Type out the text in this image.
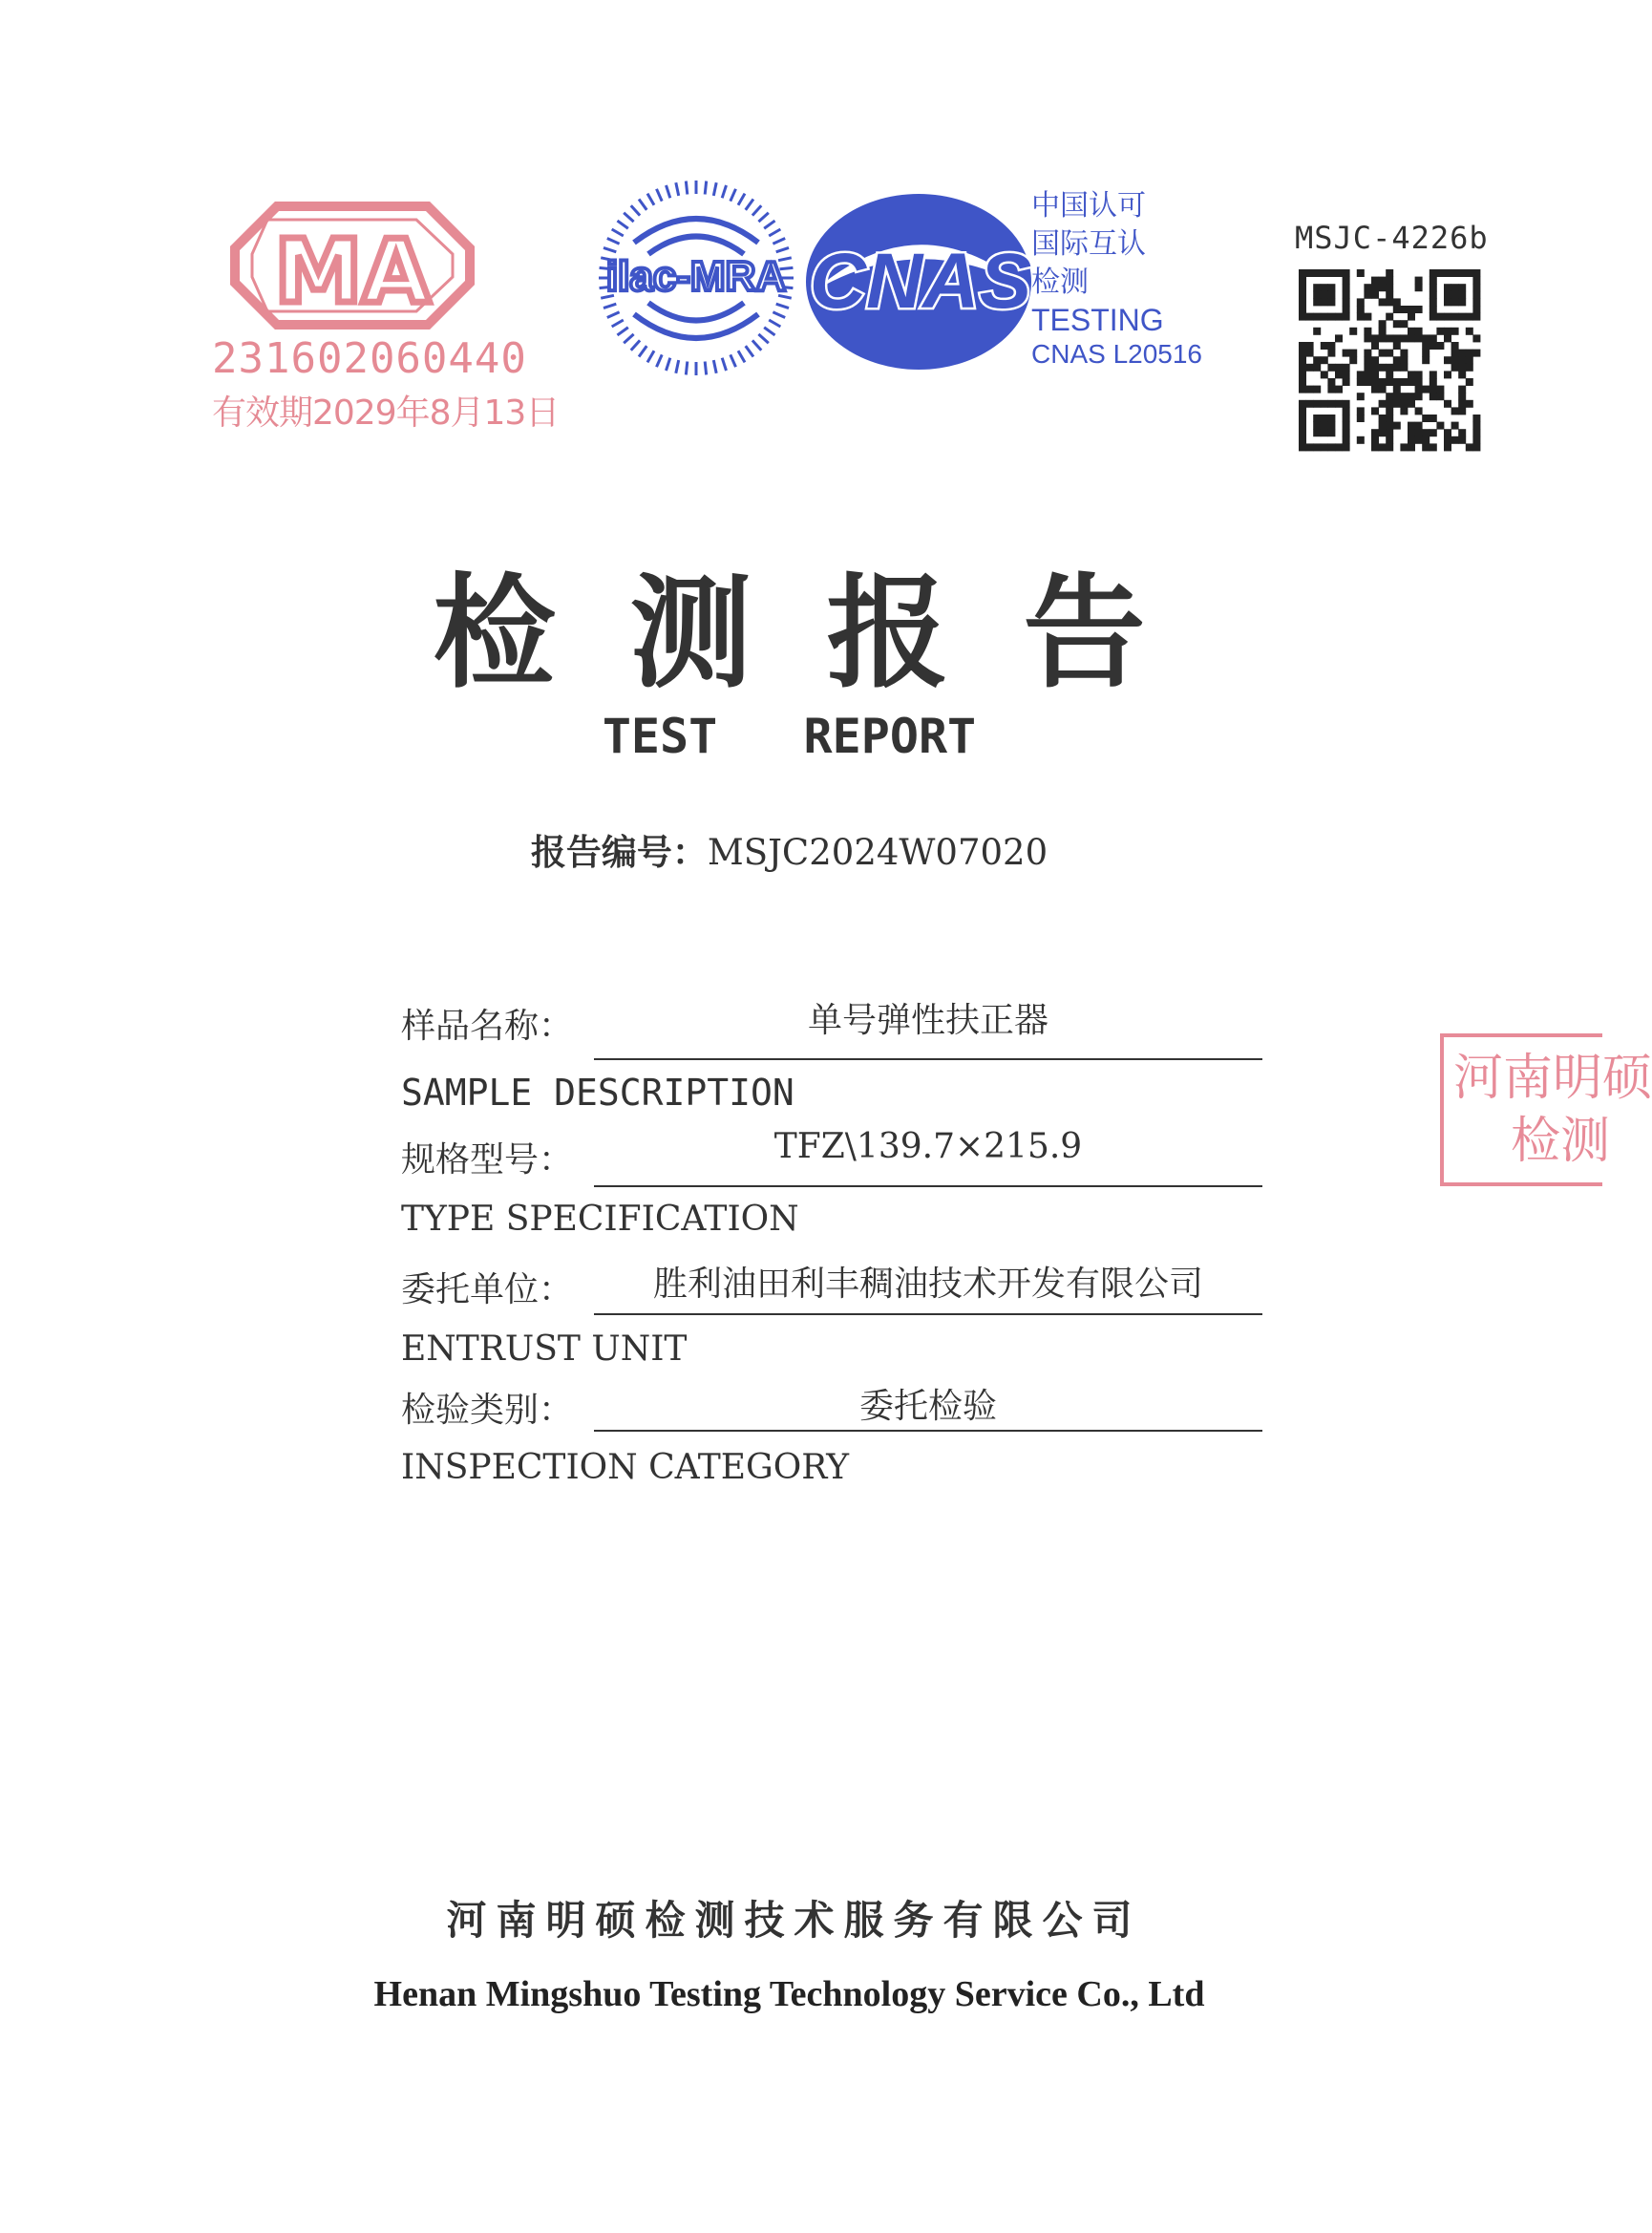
MA
231602060440
有效期2029年8月13日
ilac-MRA CNAS
中国认可
国际互认
检测
TESTING
CNAS L20516
MSJC-4226b
检测报告
TEST   REPORT
报告编号：MSJC2024W07020
样品名称：	单号弹性扶正器
SAMPLE DESCRIPTION
规格型号：	TFZ\139.7×215.9
TYPE SPECIFICATION
委托单位：	胜利油田利丰稠油技术开发有限公司
ENTRUST UNIT
检验类别：	委托检验
INSPECTION CATEGORY
河南明硕
检测
河南明硕检测技术服务有限公司
Henan Mingshuo Testing Technology Service Co., Ltd
